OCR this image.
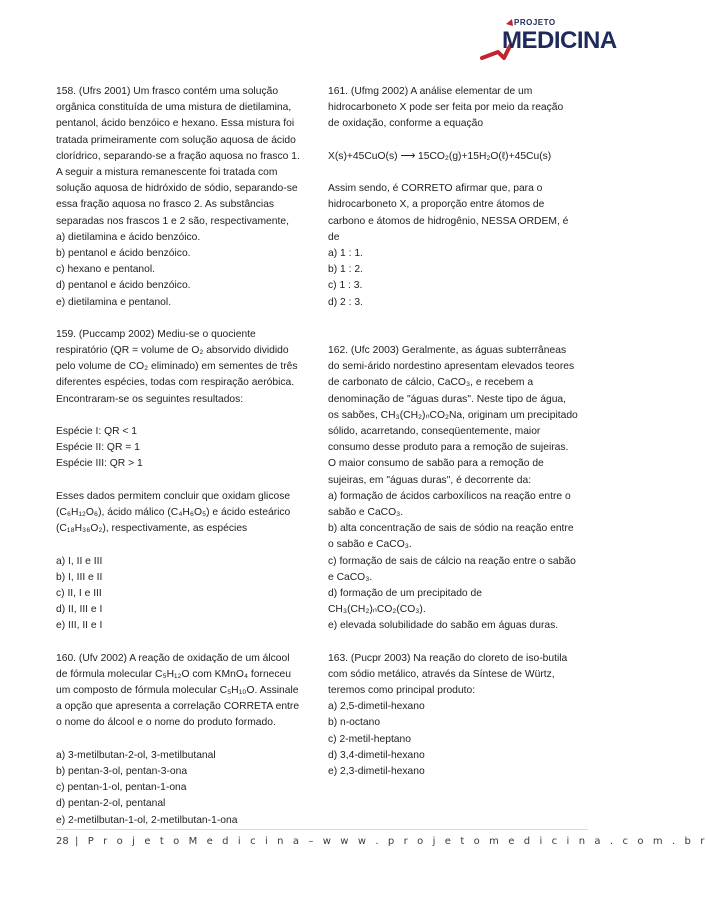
PROJETO
MEDICINA
158. (Ufrs 2001) Um frasco contém uma solução
orgânica constituída de uma mistura de dietilamina,
pentanol, ácido benzóico e hexano. Essa mistura foi
tratada primeiramente com solução aquosa de ácido
clorídrico, separando-se a fração aquosa no frasco 1.
A seguir a mistura remanescente foi tratada com
solução aquosa de hidróxido de sódio, separando-se
essa fração aquosa no frasco 2. As substâncias
separadas nos frascos 1 e 2 são, respectivamente,
a) dietilamina e ácido benzóico.
b) pentanol e ácido benzóico.
c) hexano e pentanol.
d) pentanol e ácido benzóico.
e) dietilamina e pentanol.
159. (Puccamp 2002) Mediu-se o quociente
respiratório (QR = volume de O₂ absorvido dividido
pelo volume de CO₂ eliminado) em sementes de três
diferentes espécies, todas com respiração aeróbica.
Encontraram-se os seguintes resultados:
Espécie I: QR < 1
Espécie II: QR = 1
Espécie III: QR > 1
Esses dados permitem concluir que oxidam glicose
(C₆H₁₂O₆), ácido málico (C₄H₆O₅) e ácido esteárico
(C₁₈H₃₆O₂), respectivamente, as espécies
a) I, II e III
b) I, III e II
c) II, I e III
d) II, III e I
e) III, II e I
160. (Ufv 2002) A reação de oxidação de um álcool
de fórmula molecular C₅H₁₂O com KMnO₄ forneceu
um composto de fórmula molecular C₅H₁₀O. Assinale
a opção que apresenta a correlação CORRETA entre
o nome do álcool e o nome do produto formado.
a) 3-metilbutan-2-ol, 3-metilbutanal
b) pentan-3-ol, pentan-3-ona
c) pentan-1-ol, pentan-1-ona
d) pentan-2-ol, pentanal
e) 2-metilbutan-1-ol, 2-metilbutan-1-ona
161. (Ufmg 2002) A análise elementar de um
hidrocarboneto X pode ser feita por meio da reação
de oxidação, conforme a equação
X(s)+45CuO(s) ⟶ 15CO₂(g)+15H₂O(ℓ)+45Cu(s)
Assim sendo, é CORRETO afirmar que, para o
hidrocarboneto X, a proporção entre átomos de
carbono e átomos de hidrogênio, NESSA ORDEM, é
de
a) 1 : 1.
b) 1 : 2.
c) 1 : 3.
d) 2 : 3.
162. (Ufc 2003) Geralmente, as águas subterrâneas
do semi-árido nordestino apresentam elevados teores
de carbonato de cálcio, CaCO₃, e recebem a
denominação de "águas duras". Neste tipo de água,
os sabões, CH₃(CH₂)ₙCO₂Na, originam um precipitado
sólido, acarretando, conseqüentemente, maior
consumo desse produto para a remoção de sujeiras.
O maior consumo de sabão para a remoção de
sujeiras, em "águas duras", é decorrente da:
a) formação de ácidos carboxílicos na reação entre o
sabão e CaCO₃.
b) alta concentração de sais de sódio na reação entre
o sabão e CaCO₃.
c) formação de sais de cálcio na reação entre o sabão
e CaCO₃.
d) formação de um precipitado de
CH₃(CH₂)ₙCO₂(CO₃).
e) elevada solubilidade do sabão em águas duras.
163. (Pucpr 2003) Na reação do cloreto de iso-butila
com sódio metálico, através da Síntese de Würtz,
teremos como principal produto:
a) 2,5-dimetil-hexano
b) n-octano
c) 2-metil-heptano
d) 3,4-dimetil-hexano
e) 2,3-dimetil-hexano
28 | P r o j e t o M e d i c i n a – w w w . p r o j e t o m e d i c i n a . c o m . b r
